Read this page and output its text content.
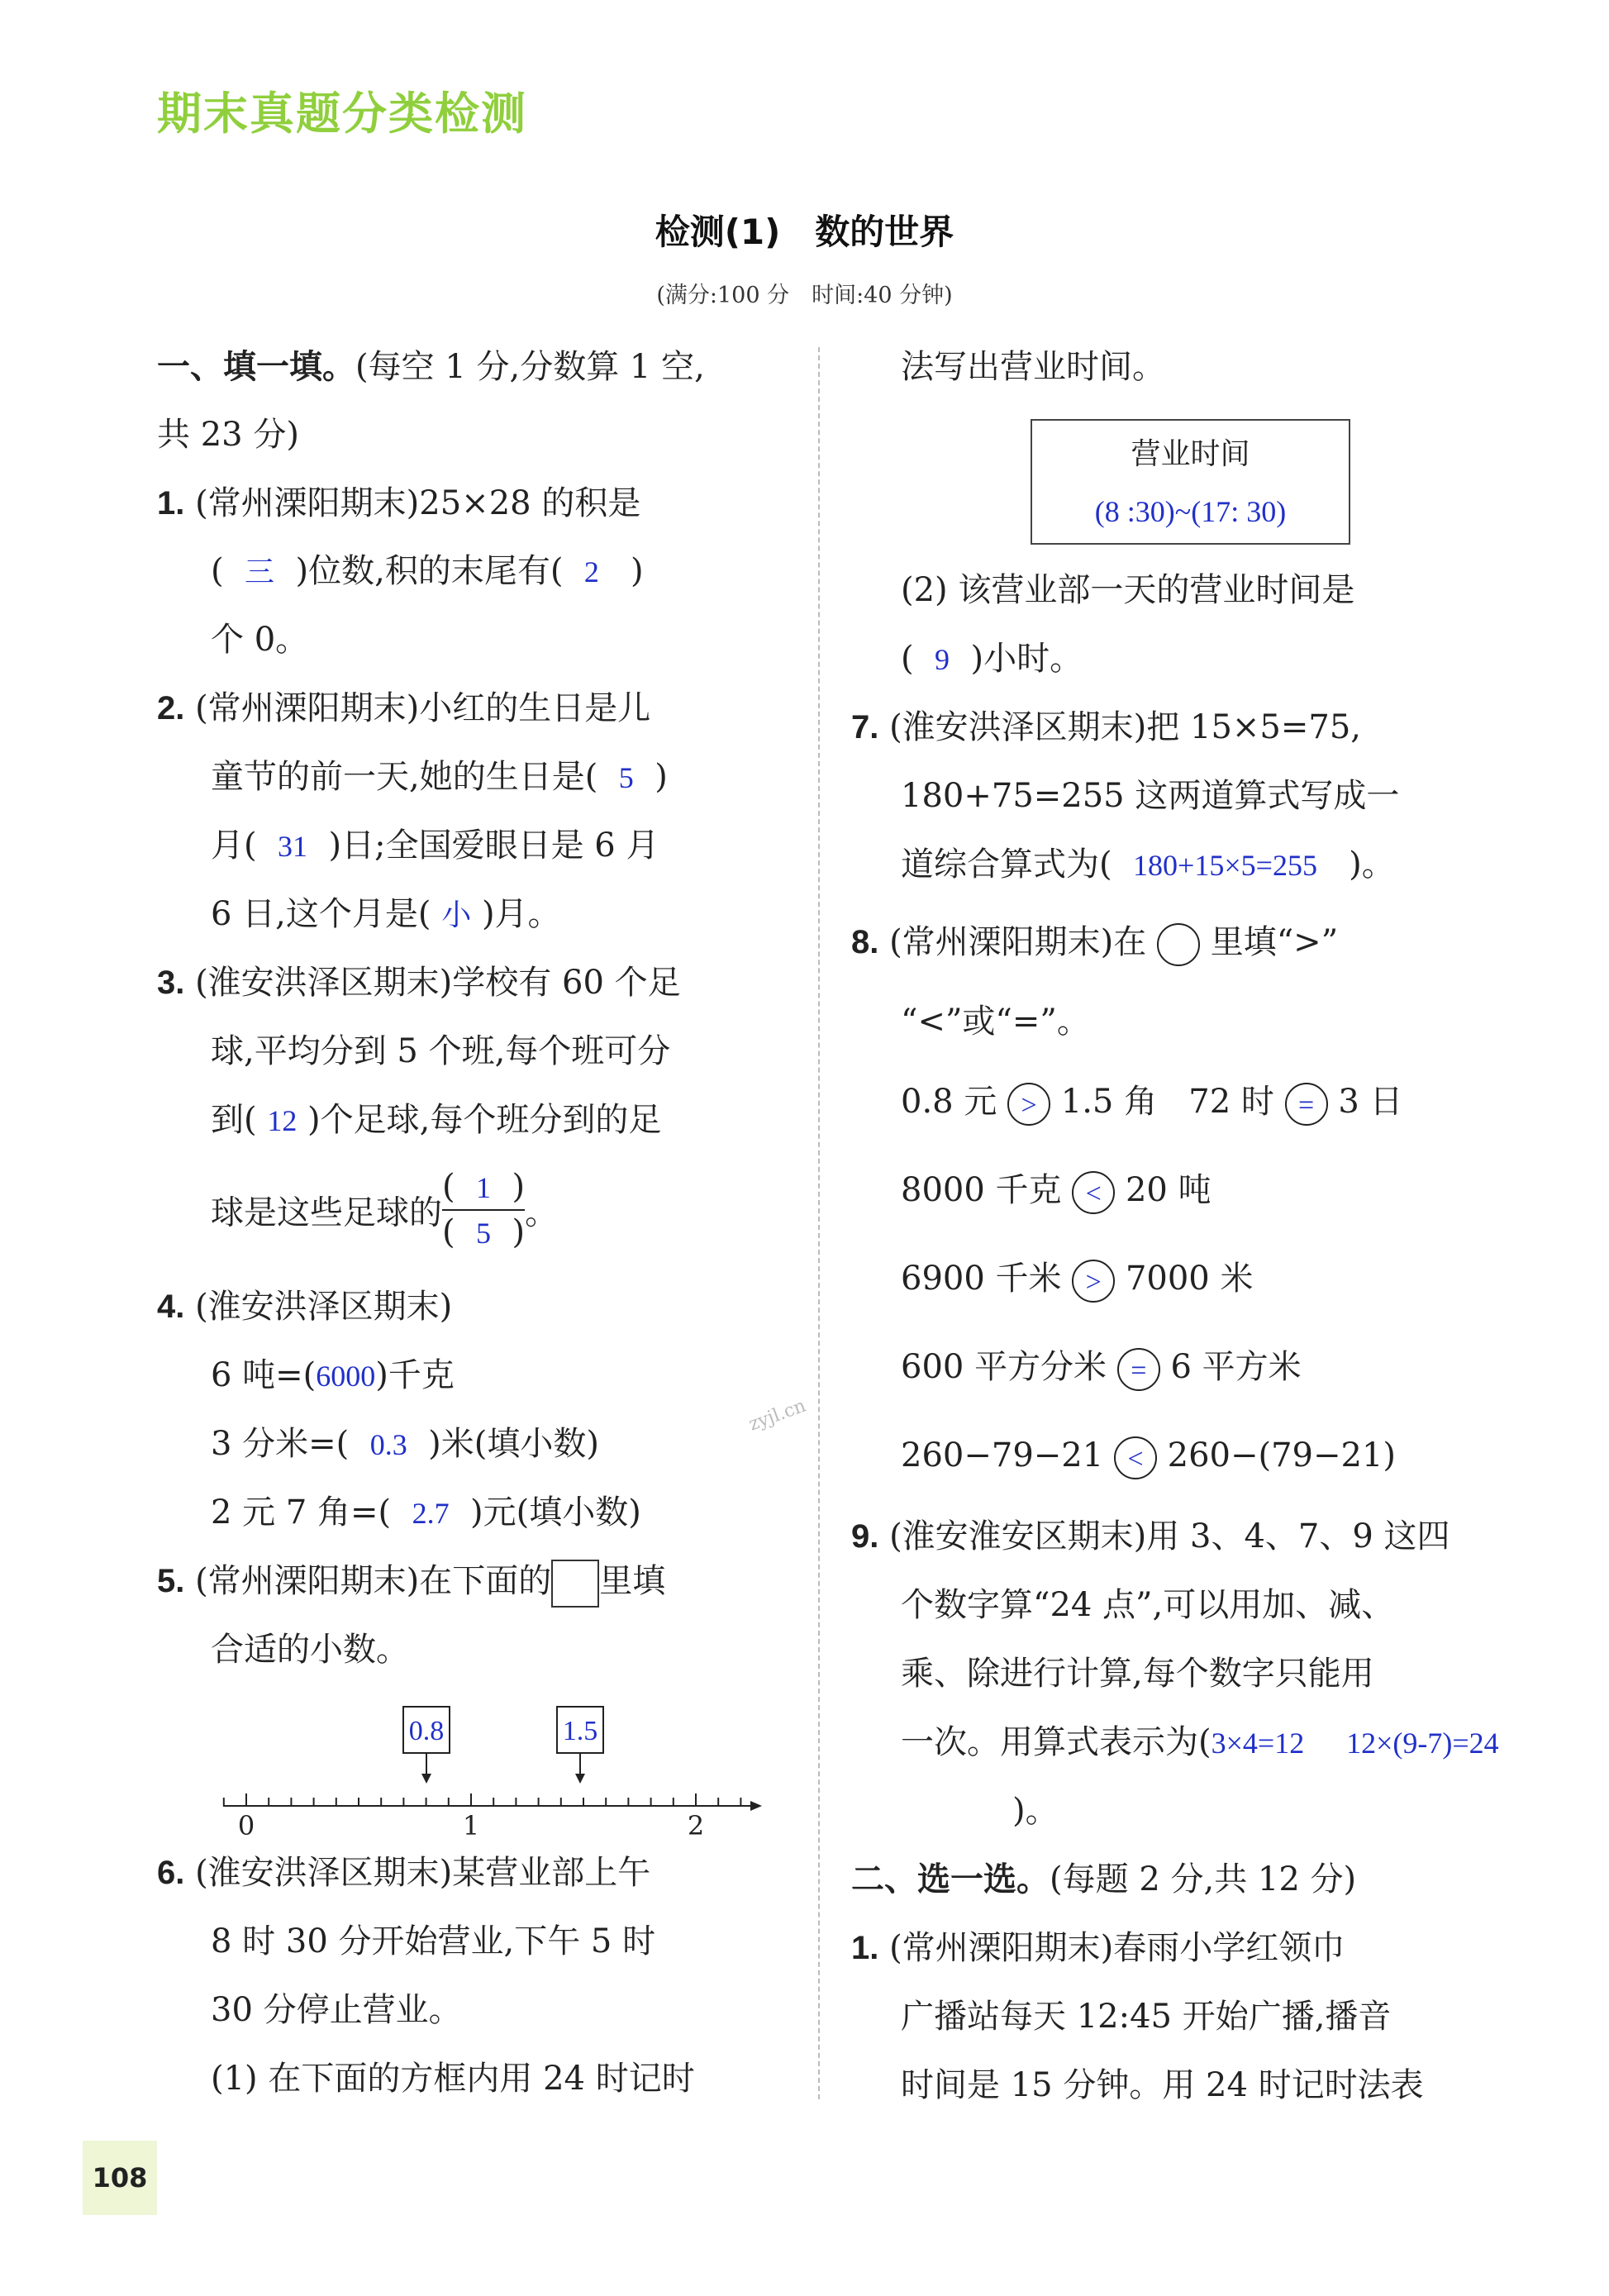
期末真题分类检测
检测(1)　数的世界
(满分:100 分　时间:40 分钟)
zyjl.cn
一、填一填。(每空 1 分,分数算 1 空,
共 23 分)
1. (常州溧阳期末)25×28 的积是
( 三 )位数,积的末尾有( 2 )
个 0。
2. (常州溧阳期末)小红的生日是儿
童节的前一天,她的生日是( 5 )
月( 31 )日;全国爱眼日是 6 月
6 日,这个月是( 小 )月。
3. (淮安洪泽区期末)学校有 60 个足
球,平均分到 5 个班,每个班可分
到( 12 )个足球,每个班分到的足
球是这些足球的 $\frac{( 1 )}{( 5 )}$ 。
4. (淮安洪泽区期末)
6 吨=(6000)千克
3 分米=( 0.3 )米(填小数)
2 元 7 角=( 2.7 )元(填小数)
5. (常州溧阳期末)在下面的 里填
合适的小数。
0.8	1.5
0	1	2
6. (淮安洪泽区期末)某营业部上午
8 时 30 分开始营业,下午 5 时
30 分停止营业。
(1) 在下面的方框内用 24 时记时
法写出营业时间。
营业时间
(8 :30)~(17: 30)
(2) 该营业部一天的营业时间是
( 9 )小时。
7. (淮安洪泽区期末)把 15×5=75,
180+75=255 这两道算式写成一
道综合算式为( 180+15×5=255 )。
8. (常州溧阳期末)在 里填“>”
“<”或“=”。
0.8 元 > 1.5 角 72 时 = 3 日
8000 千克 < 20 吨
6900 千米 > 7000 米
600 平方分米 = 6 平方米
260−79−21 < 260−(79−21)
9. (淮安淮安区期末)用 3、4、7、9 这四
个数字算“24 点”,可以用加、减、
乘、除进行计算,每个数字只能用
一次。用算式表示为(3×4=12 12×(9-7)=24
)。
二、选一选。(每题 2 分,共 12 分)
1. (常州溧阳期末)春雨小学红领巾
广播站每天 12:45 开始广播,播音
时间是 15 分钟。用 24 时记时法表
108
